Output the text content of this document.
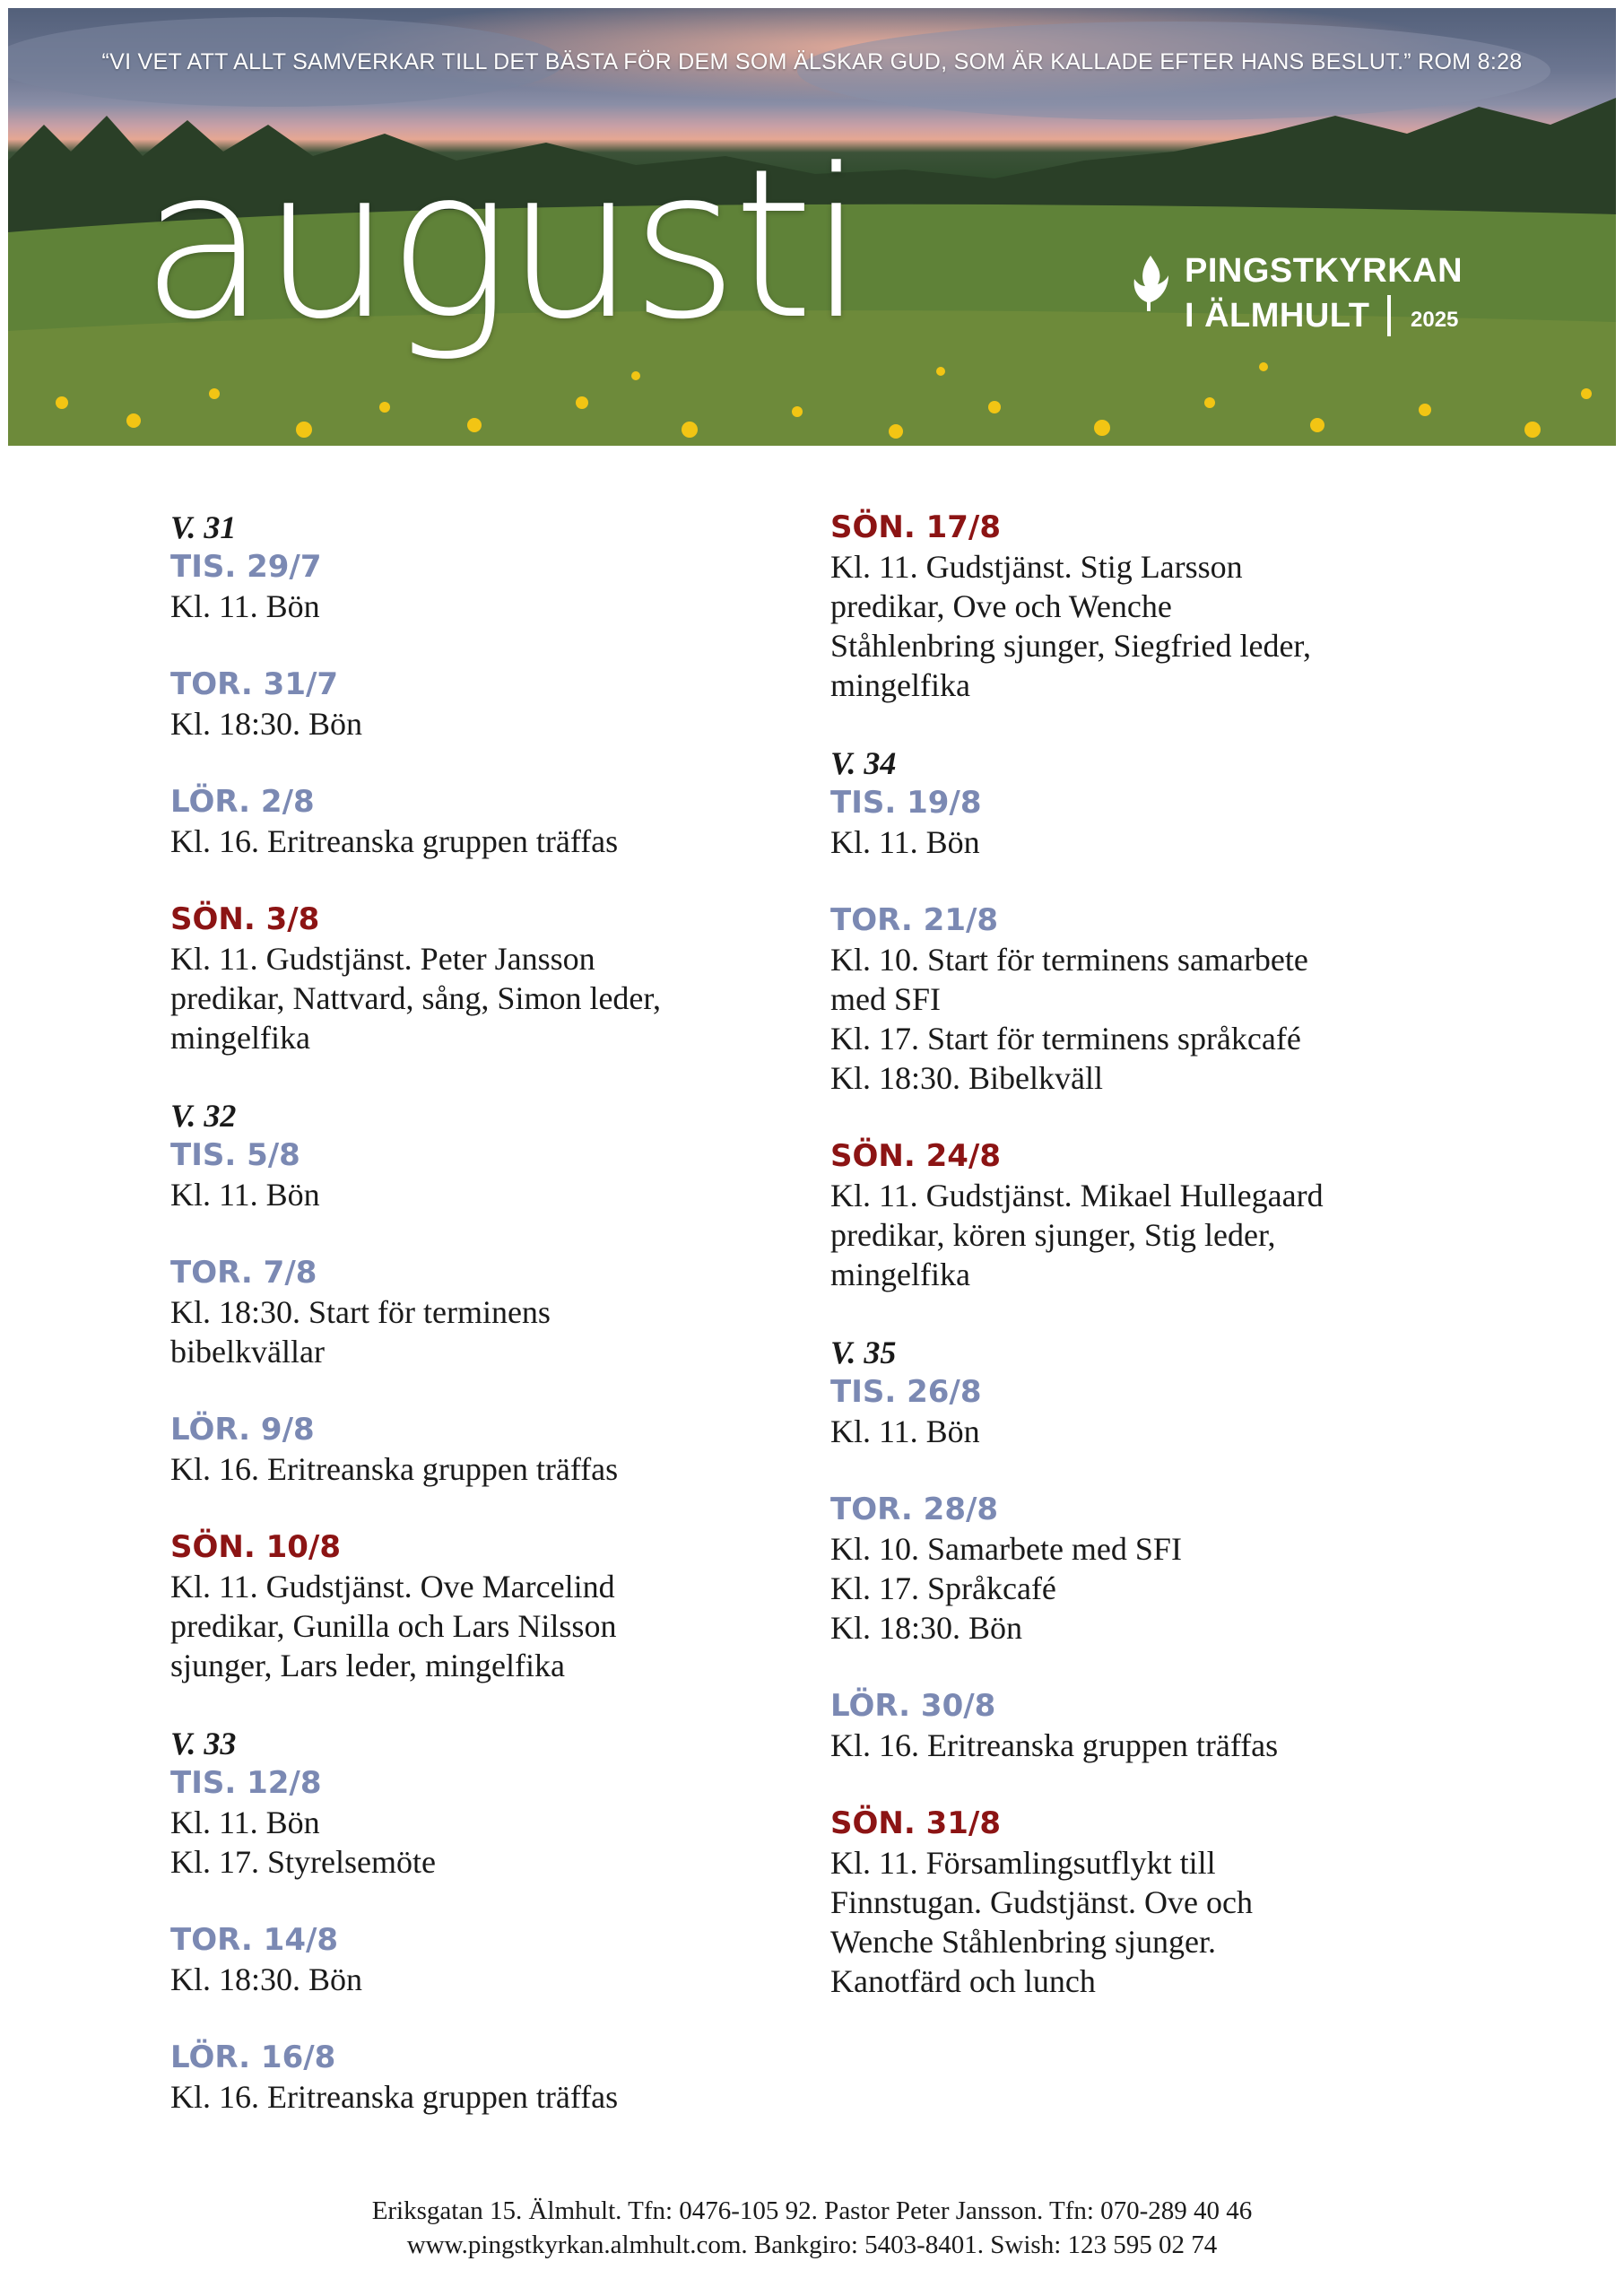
“VI VET ATT ALLT SAMVERKAR TILL DET BÄSTA FÖR DEM SOM ÄLSKAR GUD, SOM ÄR KALLADE EFTER HANS BESLUT.” ROM 8:28
augusti	PINGSTKYRKAN
I ÄLMHULT 2025
V. 31
TIS. 29/7
Kl. 11. Bön
TOR. 31/7
Kl. 18:30. Bön
LÖR. 2/8
Kl. 16. Eritreanska gruppen träffas
SÖN. 3/8
Kl. 11. Gudstjänst. Peter Jansson
predikar, Nattvard, sång, Simon leder,
mingelfika
V. 32
TIS. 5/8
Kl. 11. Bön
TOR. 7/8
Kl. 18:30. Start för terminens
bibelkvällar
LÖR. 9/8
Kl. 16. Eritreanska gruppen träffas
SÖN. 10/8
Kl. 11. Gudstjänst. Ove Marcelind
predikar, Gunilla och Lars Nilsson
sjunger, Lars leder, mingelfika
V. 33
TIS. 12/8
Kl. 11. Bön
Kl. 17. Styrelsemöte
TOR. 14/8
Kl. 18:30. Bön
LÖR. 16/8
Kl. 16. Eritreanska gruppen träffas
SÖN. 17/8
Kl. 11. Gudstjänst. Stig Larsson
predikar, Ove och Wenche
Ståhlenbring sjunger, Siegfried leder,
mingelfika
V. 34
TIS. 19/8
Kl. 11. Bön
TOR. 21/8
Kl. 10. Start för terminens samarbete
med SFI
Kl. 17. Start för terminens språkcafé
Kl. 18:30. Bibelkväll
SÖN. 24/8
Kl. 11. Gudstjänst. Mikael Hullegaard
predikar, kören sjunger, Stig leder,
mingelfika
V. 35
TIS. 26/8
Kl. 11. Bön
TOR. 28/8
Kl. 10. Samarbete med SFI
Kl. 17. Språkcafé
Kl. 18:30. Bön
LÖR. 30/8
Kl. 16. Eritreanska gruppen träffas
SÖN. 31/8
Kl. 11. Församlingsutflykt till
Finnstugan. Gudstjänst. Ove och
Wenche Ståhlenbring sjunger.
Kanotfärd och lunch
Eriksgatan 15. Älmhult. Tfn: 0476-105 92. Pastor Peter Jansson. Tfn: 070-289 40 46
www.pingstkyrkan.almhult.com. Bankgiro: 5403-8401. Swish: 123 595 02 74
